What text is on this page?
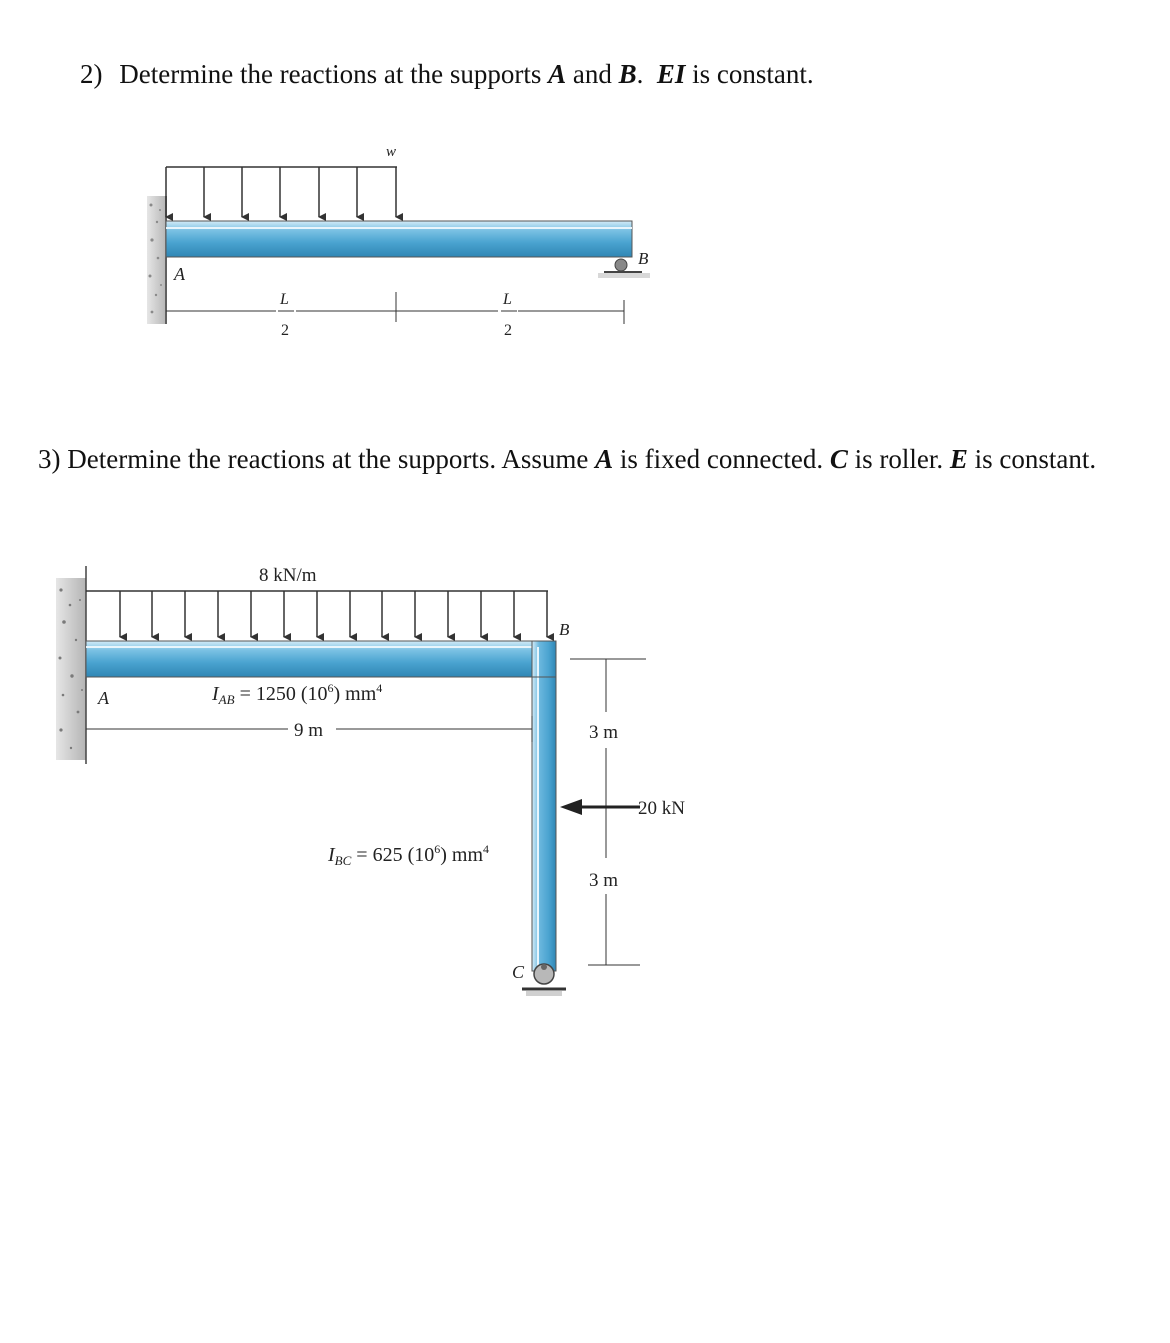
2) Determine the reactions at the supports A and B. EI is constant.
3) Determine the reactions at the supports. Assume A is fixed connected. C is roller. E is constant.
w
B
A
L
2
L
2
8 kN/m
B
A	$I_{AB} = 1250$ $(10^6)$ $mm^4$
9 m
$I_{BC} = 625$ $(10^6)$ $mm^4$
C
3 m
3 m
20 kN
